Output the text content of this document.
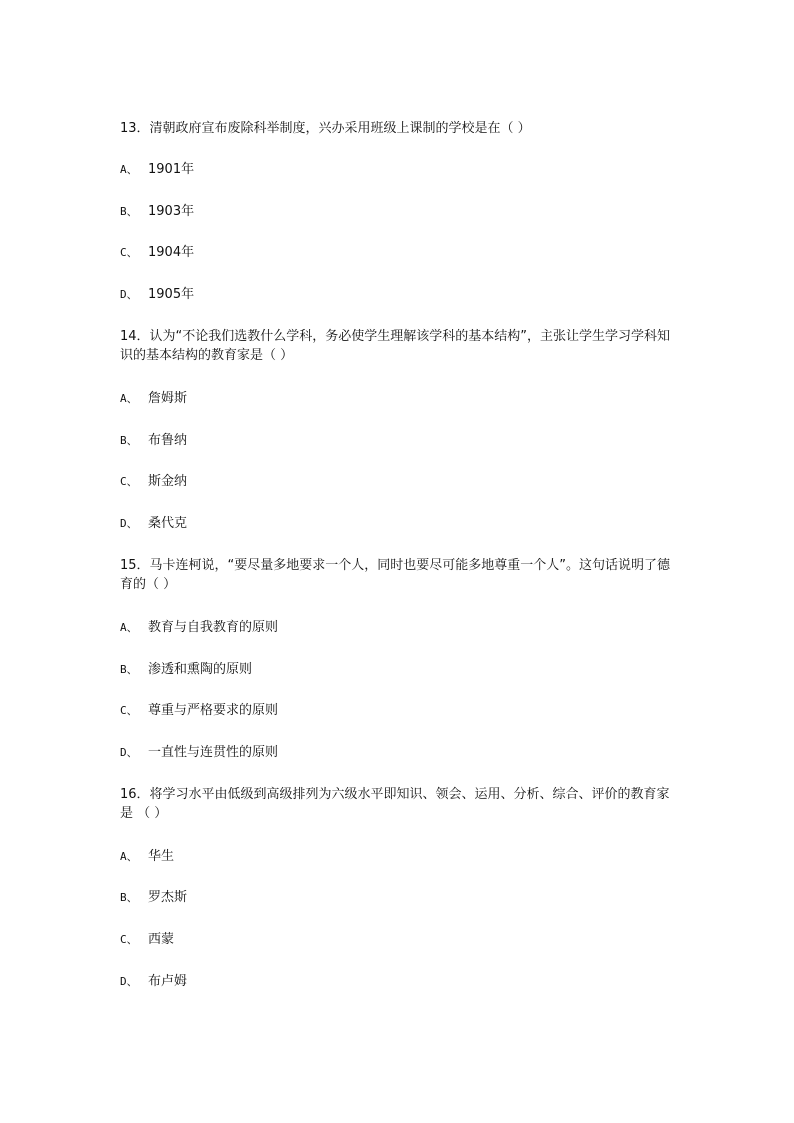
13．清朝政府宣布废除科举制度，兴办采用班级上课制的学校是在（ ）
A、 1901年
B、 1903年
C、 1904年
D、 1905年
14．认为“不论我们选教什么学科，务必使学生理解该学科的基本结构”，主张让学生学习学科知识的基本结构的教育家是（ ）
A、 詹姆斯
B、 布鲁纳
C、 斯金纳
D、 桑代克
15．马卡连柯说，“要尽量多地要求一个人，同时也要尽可能多地尊重一个人”。这句话说明了德育的（ ）
A、 教育与自我教育的原则
B、 渗透和熏陶的原则
C、 尊重与严格要求的原则
D、 一直性与连贯性的原则
16．将学习水平由低级到高级排列为六级水平即知识、领会、运用、分析、综合、评价的教育家是 （ ）
A、 华生
B、 罗杰斯
C、 西蒙
D、 布卢姆
